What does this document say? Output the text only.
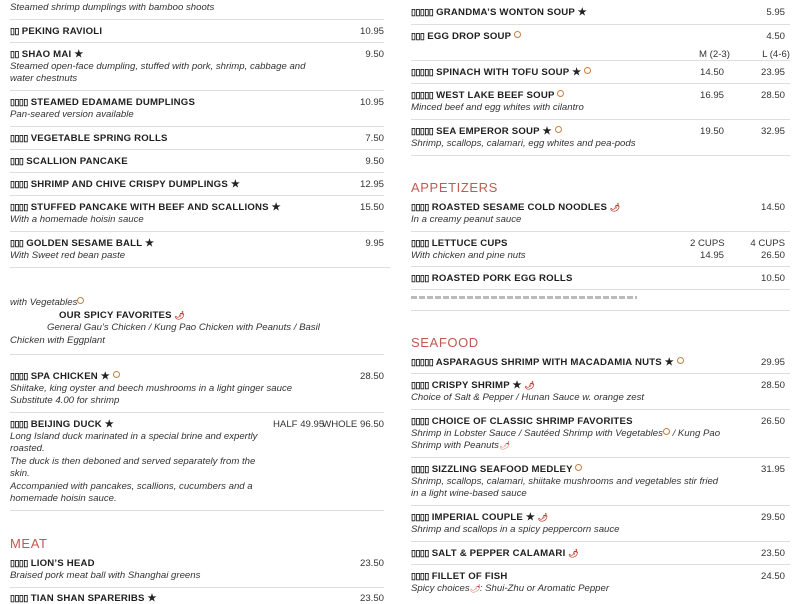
Steamed shrimp dumplings with bamboo shoots
▯▯ PEKING RAVIOLI	10.95
▯▯ SHAO MAI ★	9.50
Steamed open-face dumpling, stuffed with pork, shrimp, cabbage and water chestnuts
▯▯▯▯ STEAMED EDAMAME DUMPLINGS	10.95
Pan-seared version available
▯▯▯▯ VEGETABLE SPRING ROLLS	7.50
▯▯▯ SCALLION PANCAKE	9.50
▯▯▯▯ SHRIMP AND CHIVE CRISPY DUMPLINGS ★	12.95
▯▯▯▯ STUFFED PANCAKE WITH BEEF AND SCALLIONS ★	15.50
With a homemade hoisin sauce
▯▯▯ GOLDEN SESAME BALL ★	9.95
With Sweet red bean paste
with Vegetables
OUR SPICY FAVORITES 🌶
General Gau’s Chicken / Kung Pao Chicken with Peanuts / Basil
Chicken with Eggplant
▯▯▯▯ SPA CHICKEN ★	28.50
Shiitake, king oyster and beech mushrooms in a light ginger sauce
Substitute 4.00 for shrimp
▯▯▯▯ BEIJING DUCK ★	HALF 49.95
WHOLE 96.50
Long Island duck marinated in a special brine and expertly roasted.
The duck is then deboned and served separately from the skin.
Accompanied with pancakes, scallions, cucumbers and a homemade hoisin sauce.
MEAT
▯▯▯▯ LION’S HEAD	23.50
Braised pork meat ball with Shanghai greens
▯▯▯▯ TIAN SHAN SPARERIBS ★	23.50
▯▯▯▯▯ GRANDMA’S WONTON SOUP ★	5.95
▯▯▯ EGG DROP SOUP	4.50
M (2-3)	L (4-6)
▯▯▯▯▯ SPINACH WITH TOFU SOUP ★	14.50	23.95
▯▯▯▯▯ WEST LAKE BEEF SOUP	16.95	28.50
Minced beef and egg whites with cilantro
▯▯▯▯▯ SEA EMPEROR SOUP ★	19.50	32.95
Shrimp, scallops, calamari, egg whites and pea-pods
APPETIZERS
▯▯▯▯ ROASTED SESAME COLD NOODLES 🌶	14.50
In a creamy peanut sauce
▯▯▯▯ LETTUCE CUPS	2 CUPS	4 CUPS
With chicken and pine nuts	14.95	26.50
▯▯▯▯ ROASTED PORK EGG ROLLS	10.50
SEAFOOD
▯▯▯▯▯ ASPARAGUS SHRIMP WITH MACADAMIA NUTS ★	29.95
▯▯▯▯ CRISPY SHRIMP ★ 🌶	28.50
Choice of Salt & Pepper / Hunan Sauce w. orange zest
▯▯▯▯ CHOICE OF CLASSIC SHRIMP FAVORITES	26.50
Shrimp in Lobster Sauce / Sautéed Shrimp with Vegetables / Kung Pao
Shrimp with Peanuts🌶
▯▯▯▯ SIZZLING SEAFOOD MEDLEY	31.95
Shrimp, scallops, calamari, shiitake mushrooms and vegetables stir fried in a light wine-based sauce
▯▯▯▯ IMPERIAL COUPLE ★ 🌶	29.50
Shrimp and scallops in a spicy peppercorn sauce
▯▯▯▯ SALT & PEPPER CALAMARI 🌶	23.50
▯▯▯▯ FILLET OF FISH	24.50
Spicy choices🌶: Shui-Zhu or Aromatic Pepper
